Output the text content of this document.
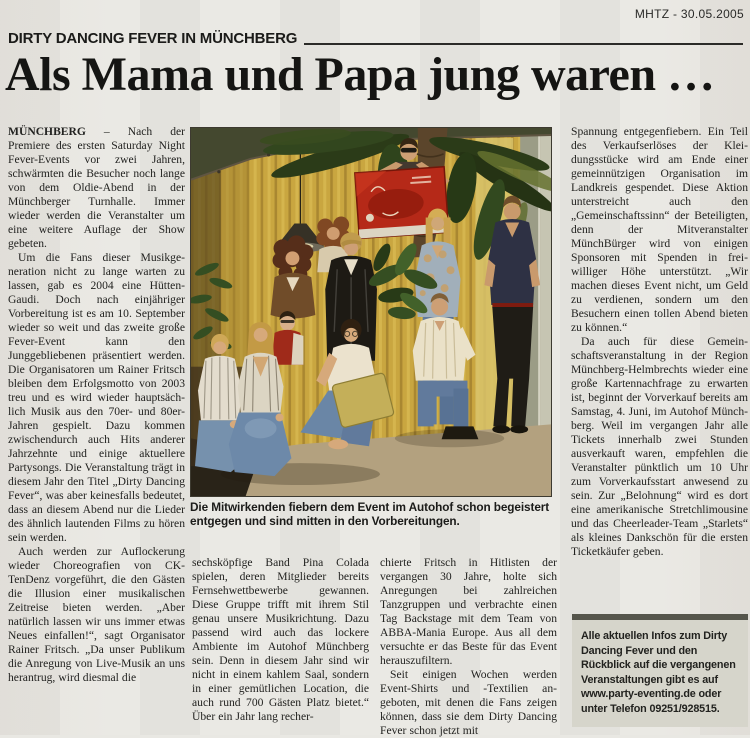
MHTZ - 30.05.2005
DIRTY DANCING FEVER IN MÜNCHBERG
Als Mama und Papa jung waren …

MÜNCHBERG – Nach der Premiere des ersten Saturday Night Fever-Events vor zwei Jahren, schwärmten die Besucher noch lange von dem Oldie-Abend in der Münchberger Turnhalle. Immer wieder werden die Veranstalter um eine weitere Auflage der Show gebeten.

Um die Fans dieser Musikgeneration nicht zu lange warten zu lassen, gab es 2004 eine Hütten-Gaudi. Doch nach einjähriger Vorbereitung ist es am 10. September wieder so weit und das zweite große Fever-Event kann den Junggebliebenen präsentiert werden. Die Organisatoren um Rainer Fritsch bleiben dem Erfolgsmotto von 2003 treu und es wird wieder hauptsächlich Musik aus den 70er- und 80er-Jahren gespielt. Dazu kommen zwischendurch auch Hits anderer Jahrzehnte und einige aktuellere Partysongs. Die Veranstaltung trägt in diesem Jahr den Titel „Dirty Dancing Fever“, was aber keinesfalls bedeutet, dass an diesem Abend nur die Lieder des ähnlich lautenden Films zu hören sein werden.

Auch werden zur Auflockerung wieder Choreografien von CK-TenDenz vorgeführt, die den Gästen die Illusion einer musikalischen Zeitreise bieten werden. „Aber natürlich lassen wir uns immer etwas Neues einfallen!“, sagt Organisator Rainer Fritsch. „Da unser Publikum die Anregung von Live-Musik an uns herantrug, wird diesmal die

Die Mitwirkenden fiebern dem Event im Autohof schon begeistert entgegen und sind mitten in den Vorbereitungen.

sechsköpfige Band Pina Colada spielen, deren Mitglieder bereits Fernsehwettbewerbe gewannen. Diese Gruppe trifft mit ihrem Stil genau unsere Musikrichtung. Dazu passend wird auch das lockere Ambiente im Autohof Münchberg sein. Denn in diesem Jahr sind wir nicht in einem kahlem Saal, sondern in einer gemütlichen Location, die auch rund 700 Gästen Platz bietet.“ Über ein Jahr lang recher-

chierte Fritsch in Hitlisten der vergangen 30 Jahre, holte sich Anregungen bei zahlreichen Tanzgruppen und verbrachte einen Tag Backstage mit dem Team von ABBA-Mania Europe. Aus all dem versuchte er das Beste für das Event herauszufiltern.

Seit einigen Wochen werden Event-Shirts und -Textilien angeboten, mit denen die Fans zeigen können, dass sie dem Dirty Dancing Fever schon jetzt mit

Spannung entgegenfiebern. Ein Teil des Verkaufserlöses der Kleidungsstücke wird am Ende einer gemeinnützigen Organisation im Landkreis gespendet. Diese Aktion unterstreicht auch den „Gemeinschaftssinn“ der Beteiligten, denn der Mitveranstalter MünchBürger wird von einigen Sponsoren mit Spenden in freiwilliger Höhe unterstützt. „Wir machen dieses Event nicht, um Geld zu verdienen, sondern um den Besuchern einen tollen Abend bieten zu können.“

Da auch für diese Gemeinschaftsveranstaltung in der Region Münchberg-Helmbrechts wieder eine große Kartennachfrage zu erwarten ist, beginnt der Vorverkauf bereits am Samstag, 4. Juni, im Autohof Münchberg. Weil im vergangen Jahr alle Tickets innerhalb zwei Stunden ausverkauft waren, empfehlen die Veranstalter pünktlich um 10 Uhr zum Vorverkaufsstart anwesend zu sein. Zur „Belohnung“ wird es dort eine amerikanische Stretchlimousine und das Cheerleader-Team „Starlets“ als kleines Dankschön für die ersten Ticketkäufer geben.

Alle aktuellen Infos zum Dirty Dancing Fever und den Rückblick auf die vergangenen Veranstaltungen gibt es auf www.party-eventing.de oder unter Telefon 09251/928515.
